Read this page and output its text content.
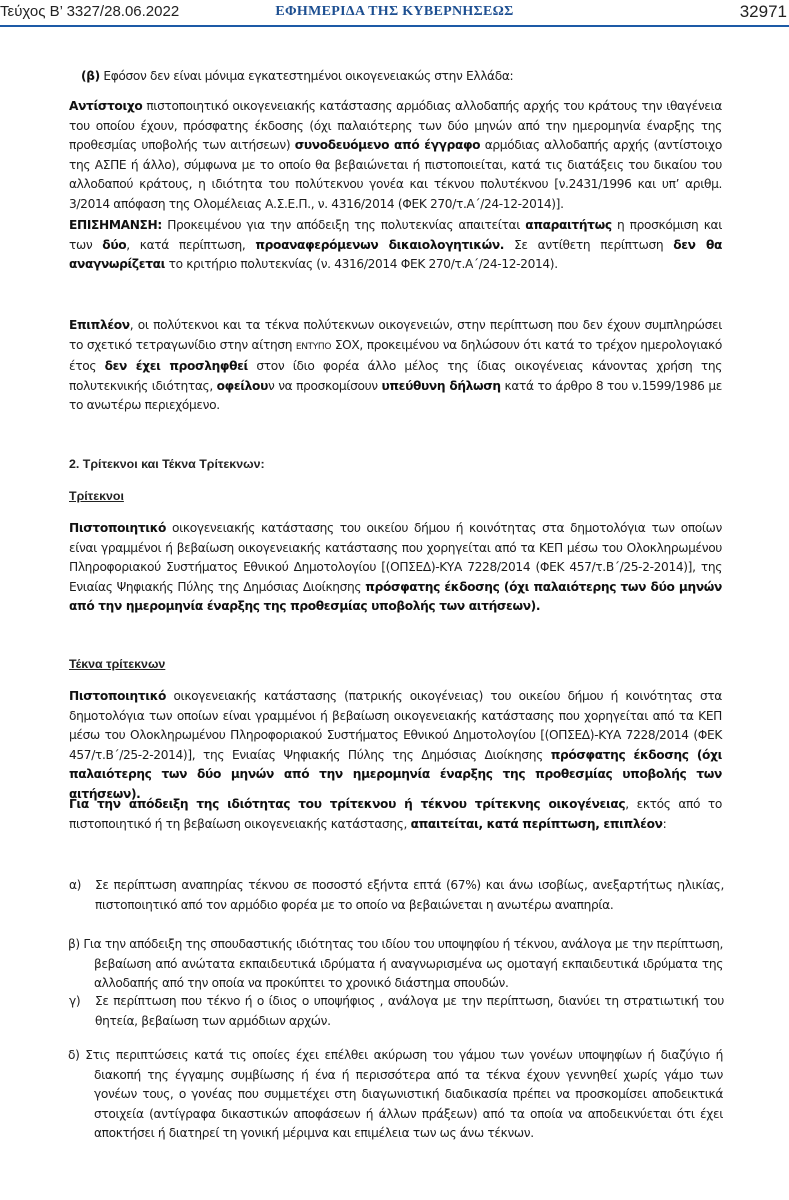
Τεύχος Β’ 3327/28.06.2022	ΕΦΗΜΕΡΙΔΑ ΤΗΣ ΚΥΒΕΡΝΗΣΕΩΣ	32971
(β) Εφόσον δεν είναι μόνιμα εγκατεστημένοι οικογενειακώς στην Ελλάδα:
Αντίστοιχο πιστοποιητικό οικογενειακής κατάστασης αρμόδιας αλλοδαπής αρχής του κράτους την ιθαγένεια του οποίου έχουν, πρόσφατης έκδοσης (όχι παλαιότερης των δύο μηνών από την ημερομηνία έναρξης της προθεσμίας υποβολής των αιτήσεων) συνοδευόμενο από έγγραφο αρμόδιας αλλοδαπής αρχής (αντίστοιχο της ΑΣΠΕ ή άλλο), σύμφωνα με το οποίο θα βεβαιώνεται ή πιστοποιείται, κατά τις διατάξεις του δικαίου του αλλοδαπού κράτους, η ιδιότητα του πολύτεκνου γονέα και τέκνου πολυτέκνου [ν.2431/1996 και υπ’ αριθμ. 3/2014 απόφαση της Ολομέλειας Α.Σ.Ε.Π., ν. 4316/2014 (ΦΕΚ 270/τ.Α΄/24-12-2014)].
ΕΠΙΣΗΜΑΝΣΗ: Προκειμένου για την απόδειξη της πολυτεκνίας απαιτείται απαραιτήτως η προσκόμιση και των δύο, κατά περίπτωση, προαναφερόμενων δικαιολογητικών. Σε αντίθετη περίπτωση δεν θα αναγνωρίζεται το κριτήριο πολυτεκνίας (ν. 4316/2014 ΦΕΚ 270/τ.Α΄/24-12-2014).
Επιπλέον, οι πολύτεκνοι και τα τέκνα πολύτεκνων οικογενειών, στην περίπτωση που δεν έχουν συμπληρώσει το σχετικό τετραγωνίδιο στην αίτηση ΕΝΤΥΠΟ ΣΟΧ, προκειμένου να δηλώσουν ότι κατά το τρέχον ημερολογιακό έτος δεν έχει προσληφθεί στον ίδιο φορέα άλλο μέλος της ίδιας οικογένειας κάνοντας χρήση της πολυτεκνικής ιδιότητας, οφείλουν να προσκομίσουν υπεύθυνη δήλωση κατά το άρθρο 8 του ν.1599/1986 με το ανωτέρω περιεχόμενο.
2. Τρίτεκνοι και Τέκνα Τρίτεκνων:
Τρίτεκνοι
Πιστοποιητικό οικογενειακής κατάστασης του οικείου δήμου ή κοινότητας στα δημοτολόγια των οποίων είναι γραμμένοι ή βεβαίωση οικογενειακής κατάστασης που χορηγείται από τα ΚΕΠ μέσω του Ολοκληρωμένου Πληροφοριακού Συστήματος Εθνικού Δημοτολογίου [(ΟΠΣΕΔ)-ΚΥΑ 7228/2014 (ΦΕΚ 457/τ.Β΄/25-2-2014)], της Ενιαίας Ψηφιακής Πύλης της Δημόσιας Διοίκησης πρόσφατης έκδοσης (όχι παλαιότερης των δύο μηνών από την ημερομηνία έναρξης της προθεσμίας υποβολής των αιτήσεων).
Τέκνα τρίτεκνων
Πιστοποιητικό οικογενειακής κατάστασης (πατρικής οικογένειας) του οικείου δήμου ή κοινότητας στα δημοτολόγια των οποίων είναι γραμμένοι ή βεβαίωση οικογενειακής κατάστασης που χορηγείται από τα ΚΕΠ μέσω του Ολοκληρωμένου Πληροφοριακού Συστήματος Εθνικού Δημοτολογίου [(ΟΠΣΕΔ)-ΚΥΑ 7228/2014 (ΦΕΚ 457/τ.Β΄/25-2-2014)], της Ενιαίας Ψηφιακής Πύλης της Δημόσιας Διοίκησης πρόσφατης έκδοσης (όχι παλαιότερης των δύο μηνών από την ημερομηνία έναρξης της προθεσμίας υποβολής των αιτήσεων).
Για την απόδειξη της ιδιότητας του τρίτεκνου ή τέκνου τρίτεκνης οικογένειας, εκτός από το πιστοποιητικό ή τη βεβαίωση οικογενειακής κατάστασης, απαιτείται, κατά περίπτωση, επιπλέον:
α)	Σε περίπτωση αναπηρίας τέκνου σε ποσοστό εξήντα επτά (67%) και άνω ισοβίως, ανεξαρτήτως ηλικίας, πιστοποιητικό από τον αρμόδιο φορέα με το οποίο να βεβαιώνεται η ανωτέρω αναπηρία.
β) Για την απόδειξη της σπουδαστικής ιδιότητας του ιδίου του υποψηφίου ή τέκνου, ανάλογα με την περίπτωση, βεβαίωση από ανώτατα εκπαιδευτικά ιδρύματα ή αναγνωρισμένα ως ομοταγή εκπαιδευτικά ιδρύματα της αλλοδαπής από την οποία να προκύπτει το χρονικό διάστημα σπουδών.
γ)	Σε περίπτωση που τέκνο ή ο ίδιος ο υποψήφιος , ανάλογα με την περίπτωση, διανύει τη στρατιωτική του θητεία, βεβαίωση των αρμόδιων αρχών.
δ) Στις περιπτώσεις κατά τις οποίες έχει επέλθει ακύρωση του γάμου των γονέων υποψηφίων ή διαζύγιο ή διακοπή της έγγαμης συμβίωσης ή ένα ή περισσότερα από τα τέκνα έχουν γεννηθεί χωρίς γάμο των γονέων τους, ο γονέας που συμμετέχει στη διαγωνιστική διαδικασία πρέπει να προσκομίσει αποδεικτικά στοιχεία (αντίγραφα δικαστικών αποφάσεων ή άλλων πράξεων) από τα οποία να αποδεικνύεται ότι έχει αποκτήσει ή διατηρεί τη γονική μέριμνα και επιμέλεια των ως άνω τέκνων.
